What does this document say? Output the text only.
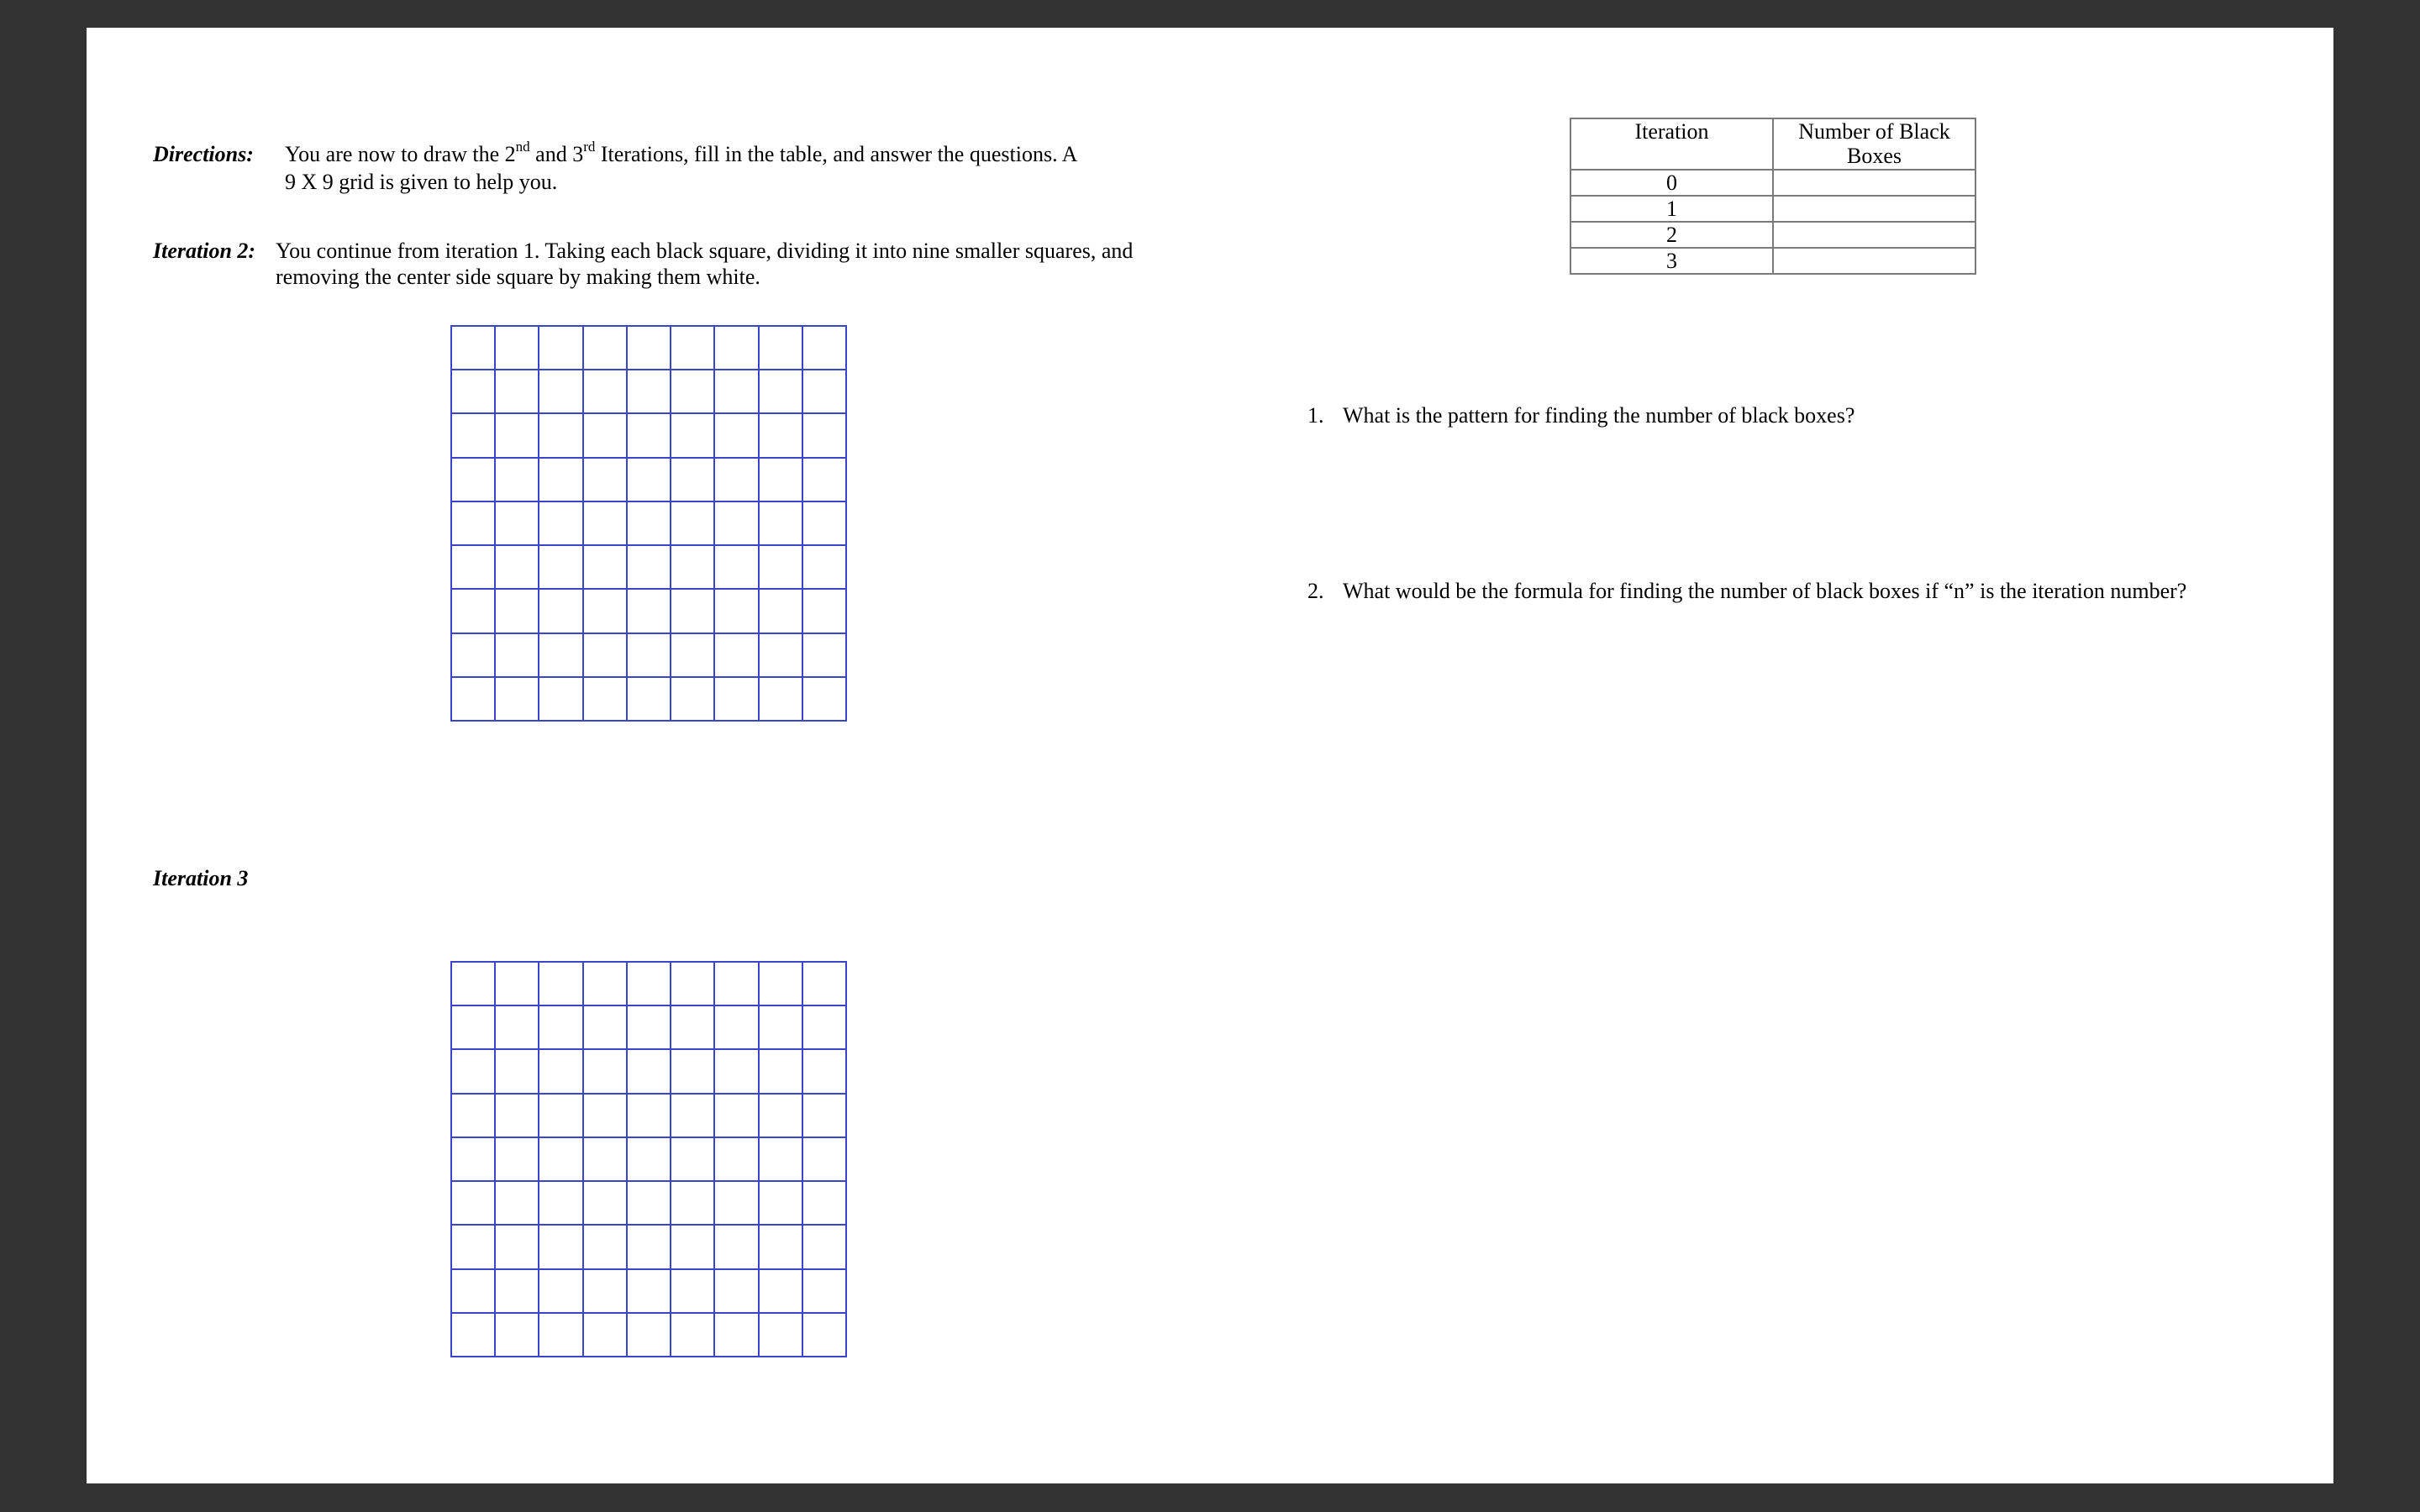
Directions: You are now to draw the 2nd and 3rd Iterations, fill in the table, and answer the questions. A
9 X 9 grid is given to help you.
Iteration 2: You continue from iteration 1. Taking each black square, dividing it into nine smaller squares, and
removing the center side square by making them white.
Iteration 3
Iteration	Number of Black
Boxes
0	
1	
2	
3	
1. What is the pattern for finding the number of black boxes?
2. What would be the formula for finding the number of black boxes if “n” is the iteration number?
